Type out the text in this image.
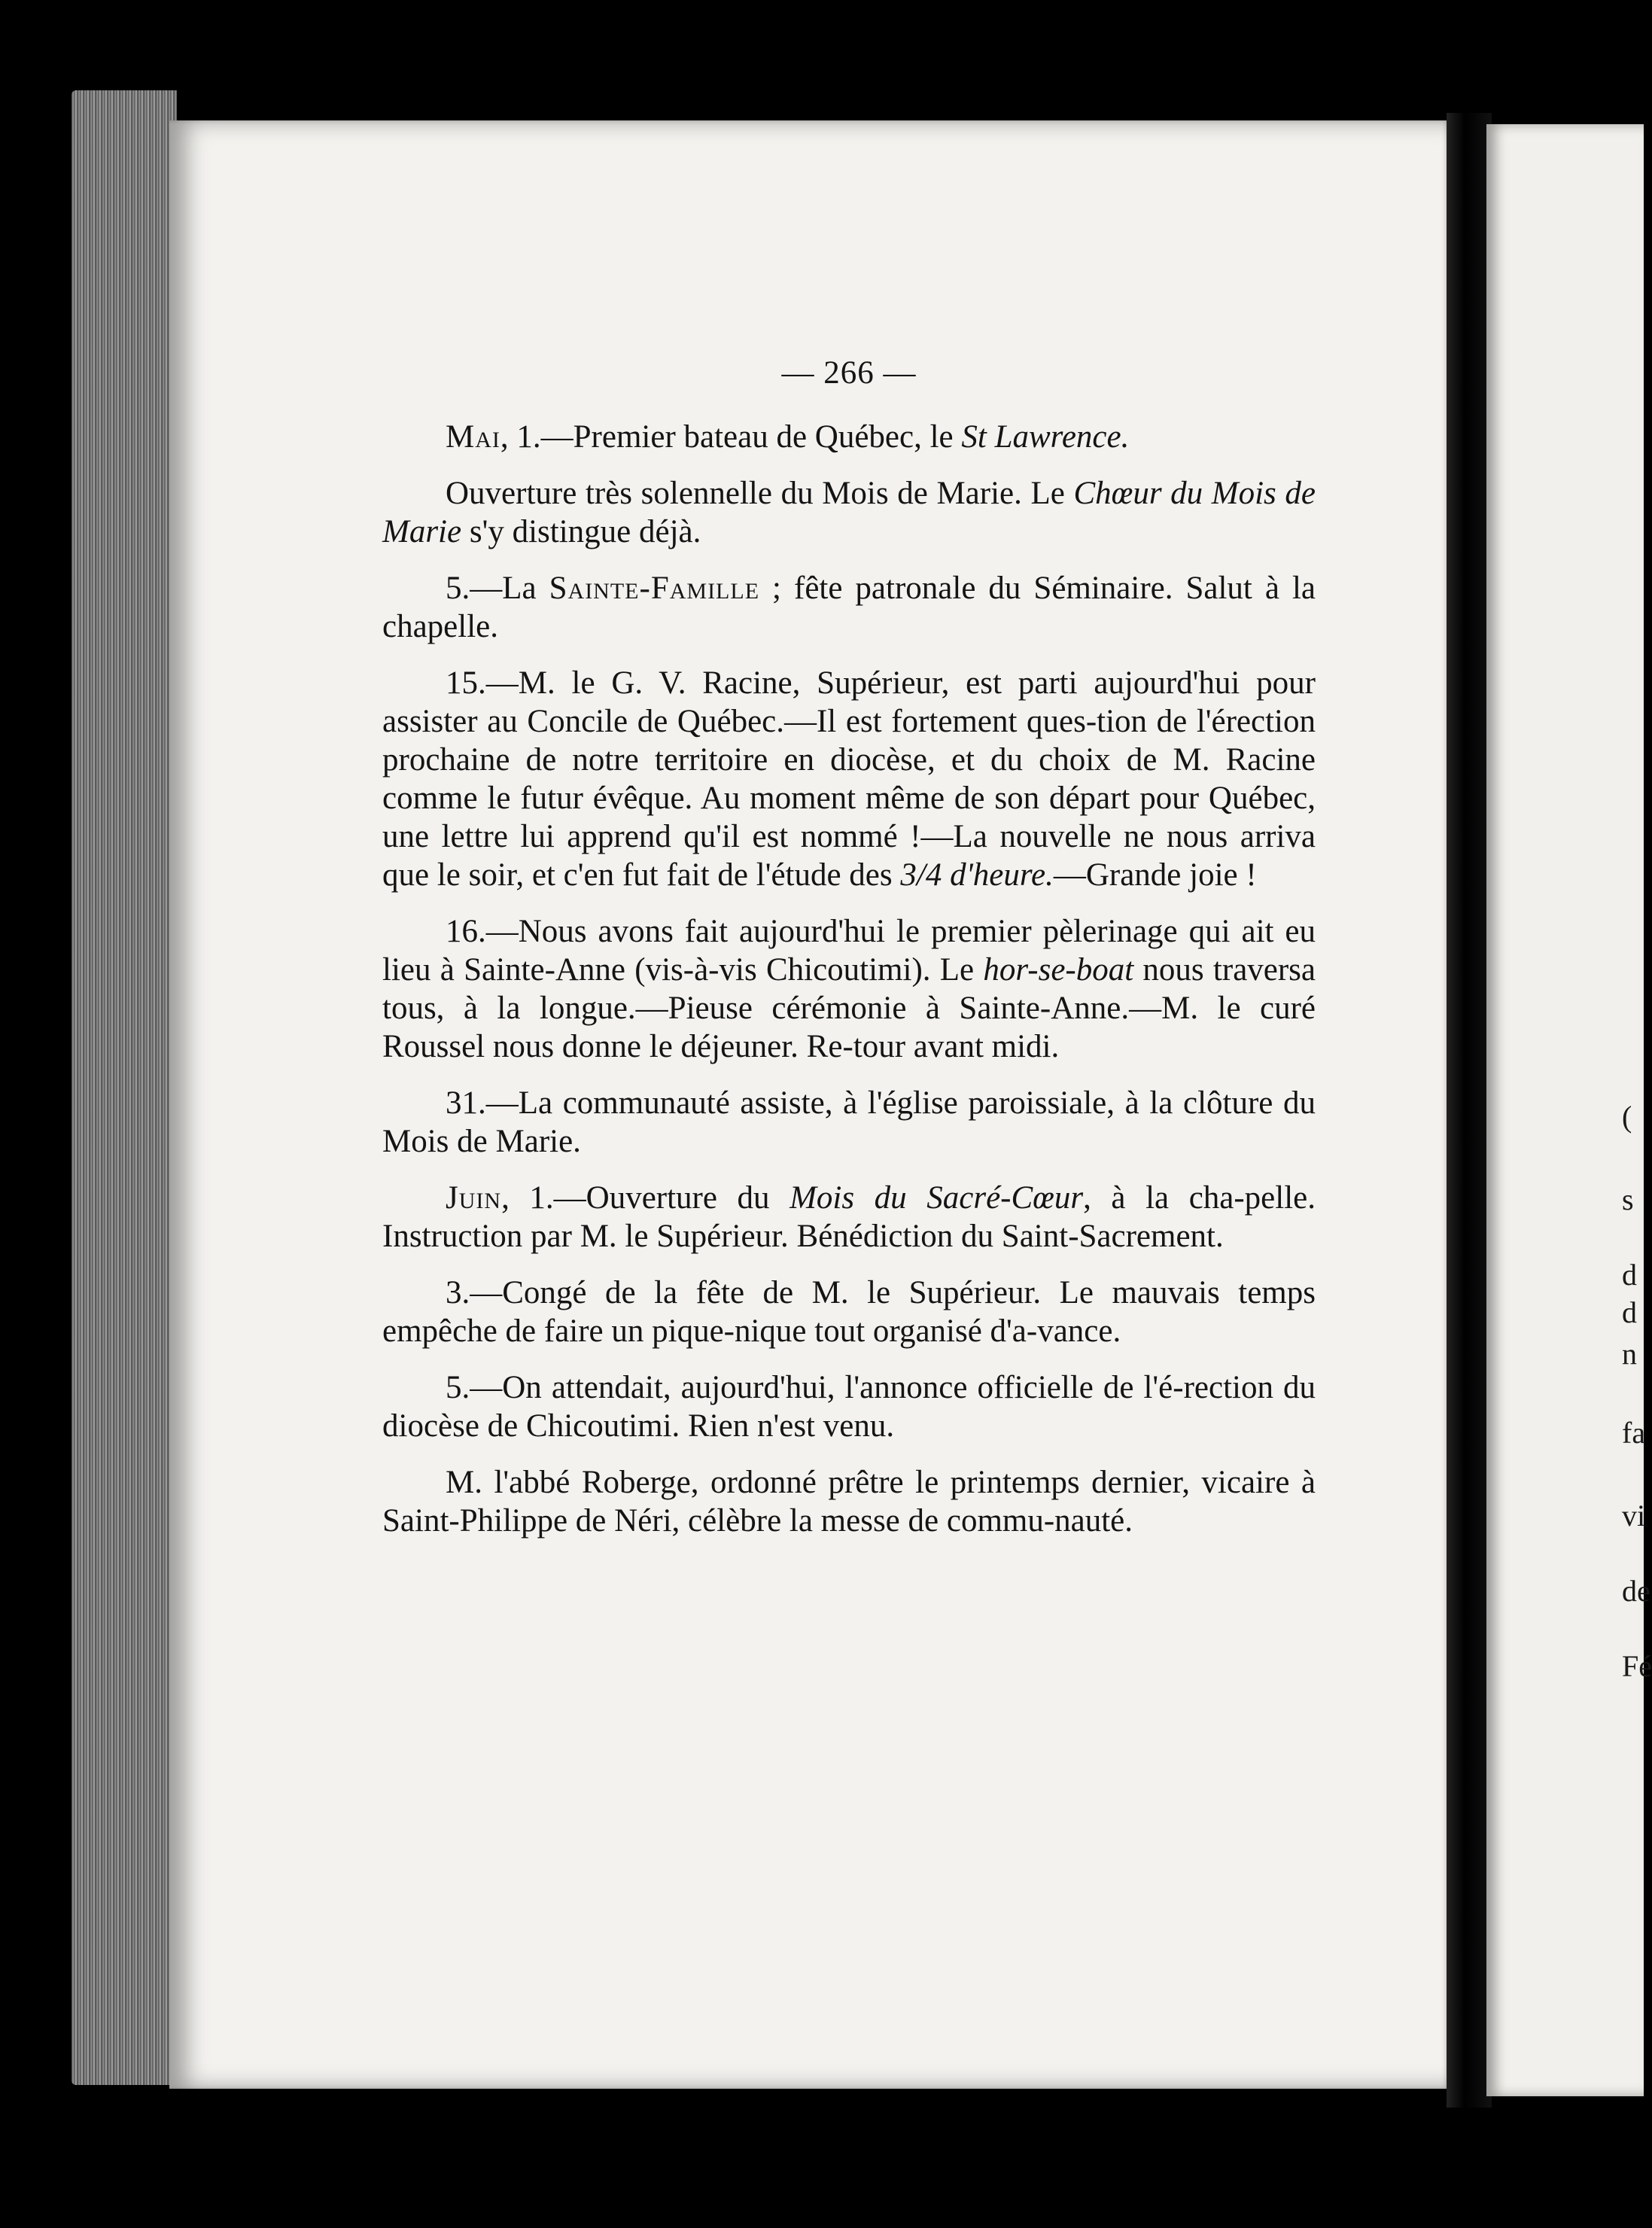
(
s
d
d
n
fa
vi
de
Fé
— 266 —

Mai, 1.—Premier bateau de Québec, le St Lawrence.

Ouverture très solennelle du Mois de Marie. Le Chœur du Mois de Marie s'y distingue déjà.

5.—La Sainte-Famille ; fête patronale du Séminaire. Salut à la chapelle.

15.—M. le G. V. Racine, Supérieur, est parti aujourd'hui pour assister au Concile de Québec.—Il est fortement ques-tion de l'érection prochaine de notre territoire en diocèse, et du choix de M. Racine comme le futur évêque. Au moment même de son départ pour Québec, une lettre lui apprend qu'il est nommé !—La nouvelle ne nous arriva que le soir, et c'en fut fait de l'étude des 3/4 d'heure.—Grande joie !

16.—Nous avons fait aujourd'hui le premier pèlerinage qui ait eu lieu à Sainte-Anne (vis-à-vis Chicoutimi). Le hor-se-boat nous traversa tous, à la longue.—Pieuse cérémonie à Sainte-Anne.—M. le curé Roussel nous donne le déjeuner. Re-tour avant midi.

31.—La communauté assiste, à l'église paroissiale, à la clôture du Mois de Marie.

Juin, 1.—Ouverture du Mois du Sacré-Cœur, à la cha-pelle. Instruction par M. le Supérieur. Bénédiction du Saint-Sacrement.

3.—Congé de la fête de M. le Supérieur. Le mauvais temps empêche de faire un pique-nique tout organisé d'a-vance.

5.—On attendait, aujourd'hui, l'annonce officielle de l'é-rection du diocèse de Chicoutimi. Rien n'est venu.

M. l'abbé Roberge, ordonné prêtre le printemps dernier, vicaire à Saint-Philippe de Néri, célèbre la messe de commu-nauté.
